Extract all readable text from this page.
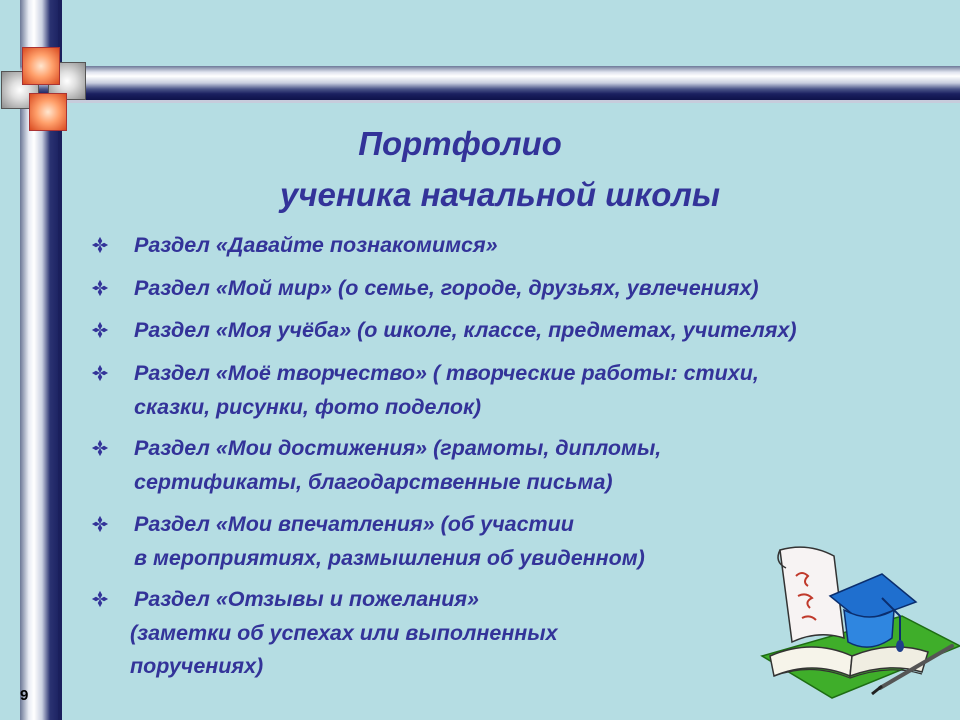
Портфолио
ученика начальной школы
Раздел «Давайте познакомимся»
Раздел «Мой мир» (о семье, городе, друзьях, увлечениях)
Раздел «Моя учёба» (о школе, классе, предметах, учителях)
Раздел «Моё творчество» ( творческие работы: стихи,
сказки, рисунки, фото поделок)
Раздел «Мои достижения» (грамоты, дипломы,
сертификаты, благодарственные письма)
Раздел «Мои впечатления» (об участии
в мероприятиях, размышления об увиденном)
Раздел «Отзывы и пожелания»
(заметки об успехах или выполненных
поручениях)
9
